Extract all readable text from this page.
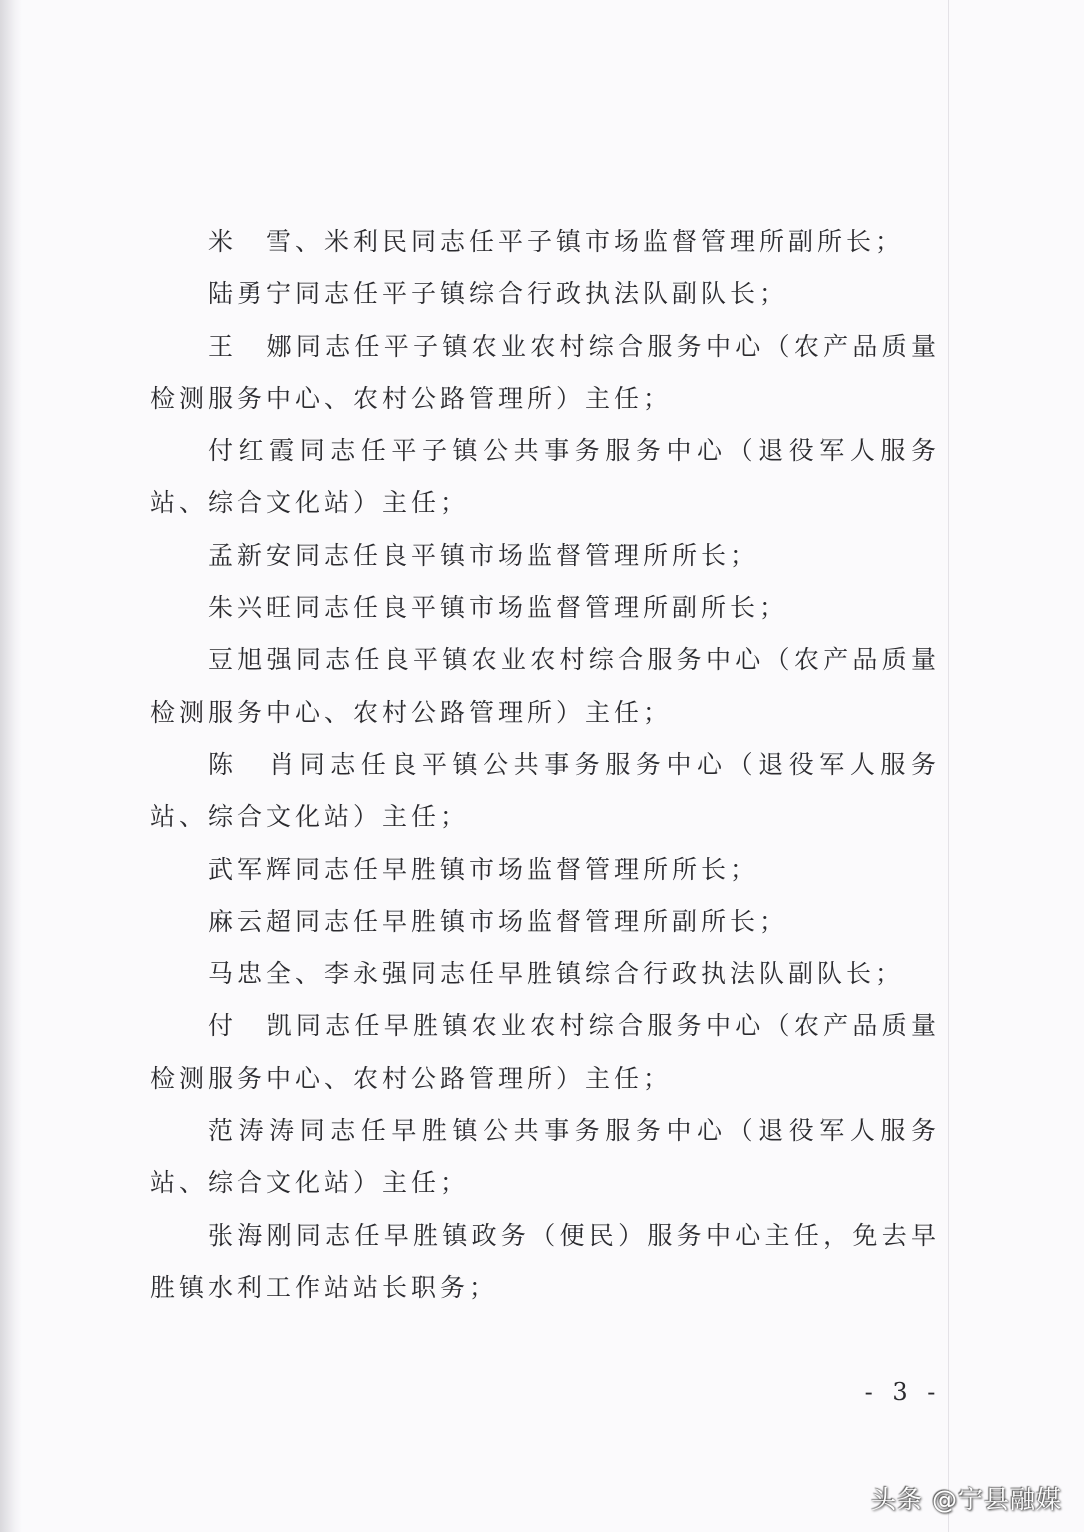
米　雪、米利民同志任平子镇市场监督管理所副所长；

陆勇宁同志任平子镇综合行政执法队副队长；

王　娜同志任平子镇农业农村综合服务中心（农产品质量检测服务中心、农村公路管理所）主任；

付红霞同志任平子镇公共事务服务中心（退役军人服务站、综合文化站）主任；

孟新安同志任良平镇市场监督管理所所长；

朱兴旺同志任良平镇市场监督管理所副所长；

豆旭强同志任良平镇农业农村综合服务中心（农产品质量检测服务中心、农村公路管理所）主任；

陈　肖同志任良平镇公共事务服务中心（退役军人服务站、综合文化站）主任；

武军辉同志任早胜镇市场监督管理所所长；

麻云超同志任早胜镇市场监督管理所副所长；

马忠全、李永强同志任早胜镇综合行政执法队副队长；

付　凯同志任早胜镇农业农村综合服务中心（农产品质量检测服务中心、农村公路管理所）主任；

范涛涛同志任早胜镇公共事务服务中心（退役军人服务站、综合文化站）主任；

张海刚同志任早胜镇政务（便民）服务中心主任，免去早胜镇水利工作站站长职务；

- 3 -
头条 @宁县融媒
